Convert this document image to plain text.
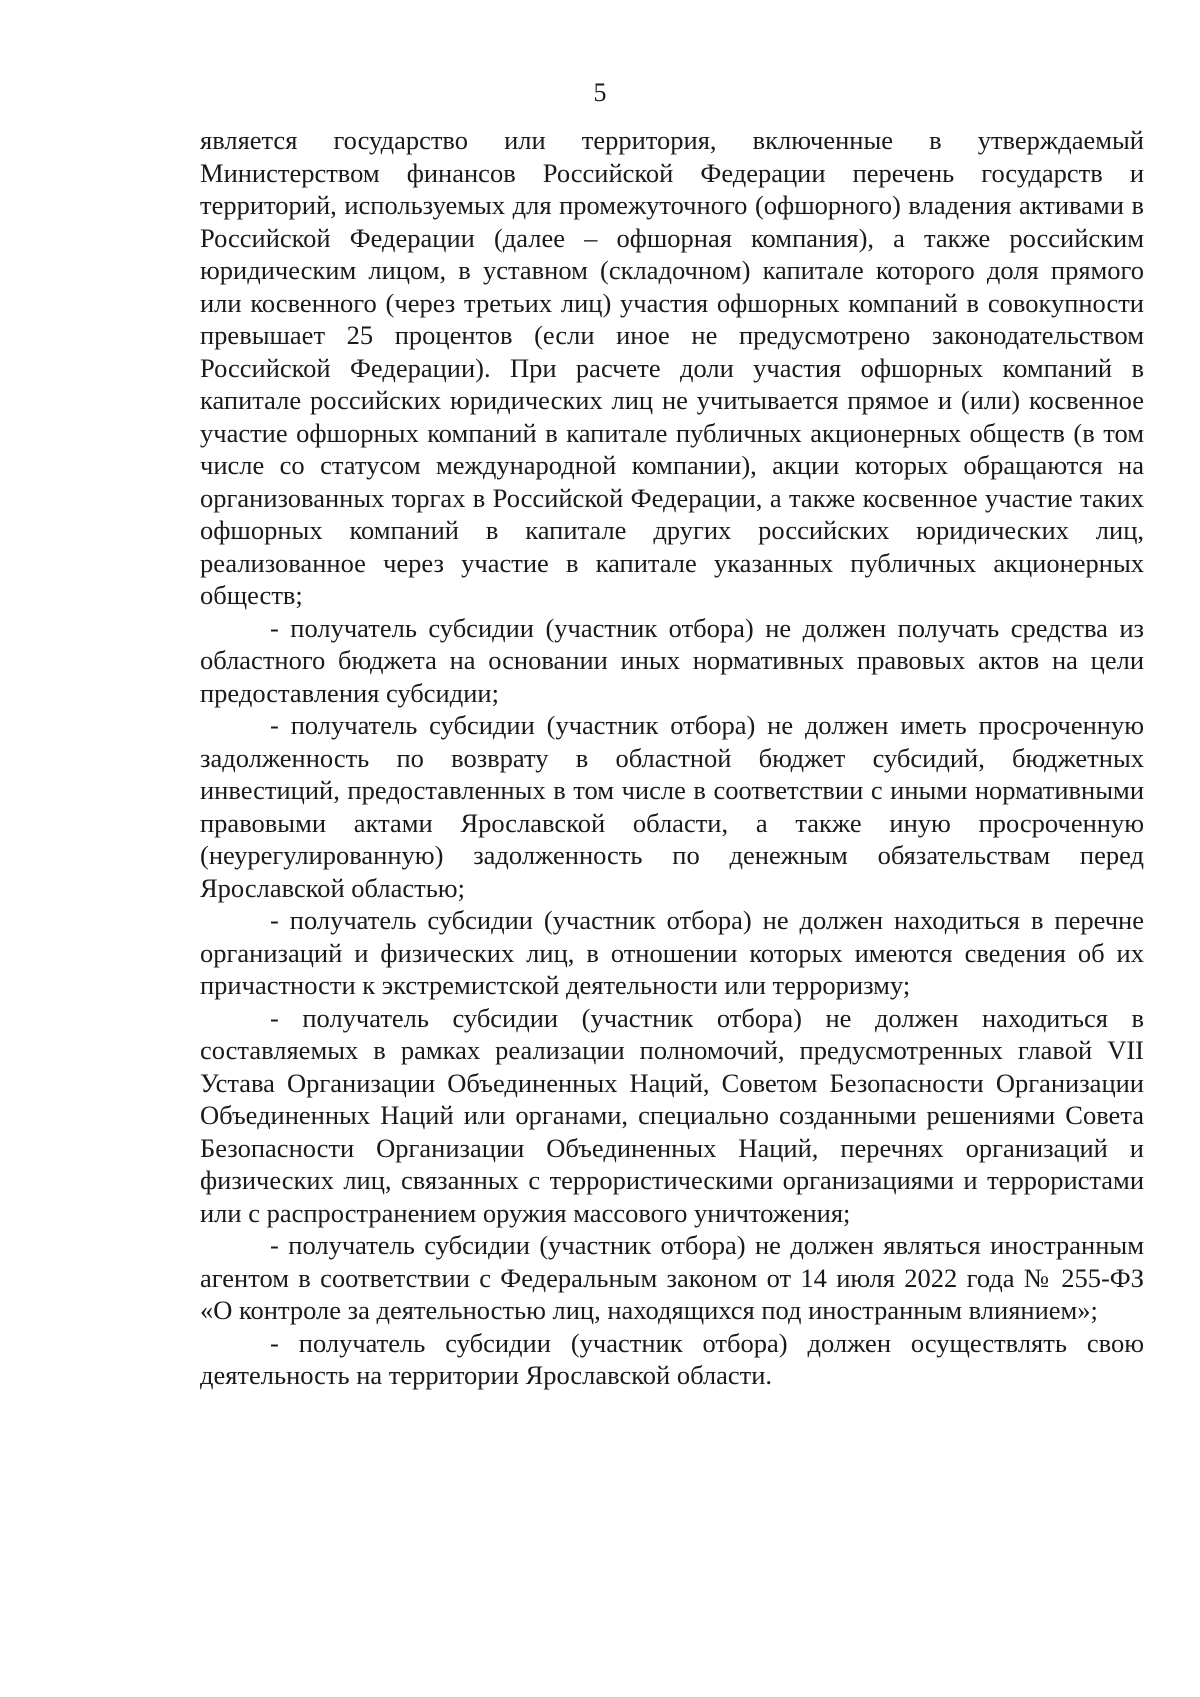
5

является государство или территория, включенные в утверждаемый Министерством финансов Российской Федерации перечень государств и территорий, используемых для промежуточного (офшорного) владения активами в Российской Федерации (далее – офшорная компания), а также российским юридическим лицом, в уставном (складочном) капитале которого доля прямого или косвенного (через третьих лиц) участия офшорных компаний в совокупности превышает 25 процентов (если иное не предусмотрено законодательством Российской Федерации). При расчете доли участия офшорных компаний в капитале российских юридических лиц не учитывается прямое и (или) косвенное участие офшорных компаний в капитале публичных акционерных обществ (в том числе со статусом международной компании), акции которых обращаются на организованных торгах в Российской Федерации, а также косвенное участие таких офшорных компаний в капитале других российских юридических лиц, реализованное через участие в капитале указанных публичных акционерных обществ;

- получатель субсидии (участник отбора) не должен получать средства из областного бюджета на основании иных нормативных правовых актов на цели предоставления субсидии;

- получатель субсидии (участник отбора) не должен иметь просроченную задолженность по возврату в областной бюджет субсидий, бюджетных инвестиций, предоставленных в том числе в соответствии с иными нормативными правовыми актами Ярославской области, а также иную просроченную (неурегулированную) задолженность по денежным обязательствам перед Ярославской областью;

- получатель субсидии (участник отбора) не должен находиться в перечне организаций и физических лиц, в отношении которых имеются сведения об их причастности к экстремистской деятельности или терроризму;

- получатель субсидии (участник отбора) не должен находиться в составляемых в рамках реализации полномочий, предусмотренных главой VII Устава Организации Объединенных Наций, Советом Безопасности Организации Объединенных Наций или органами, специально созданными решениями Совета Безопасности Организации Объединенных Наций, перечнях организаций и физических лиц, связанных с террористическими организациями и террористами или с распространением оружия массового уничтожения;

- получатель субсидии (участник отбора) не должен являться иностранным агентом в соответствии с Федеральным законом от 14 июля 2022 года № 255-ФЗ «О контроле за деятельностью лиц, находящихся под иностранным влиянием»;

- получатель субсидии (участник отбора) должен осуществлять свою деятельность на территории Ярославской области.
